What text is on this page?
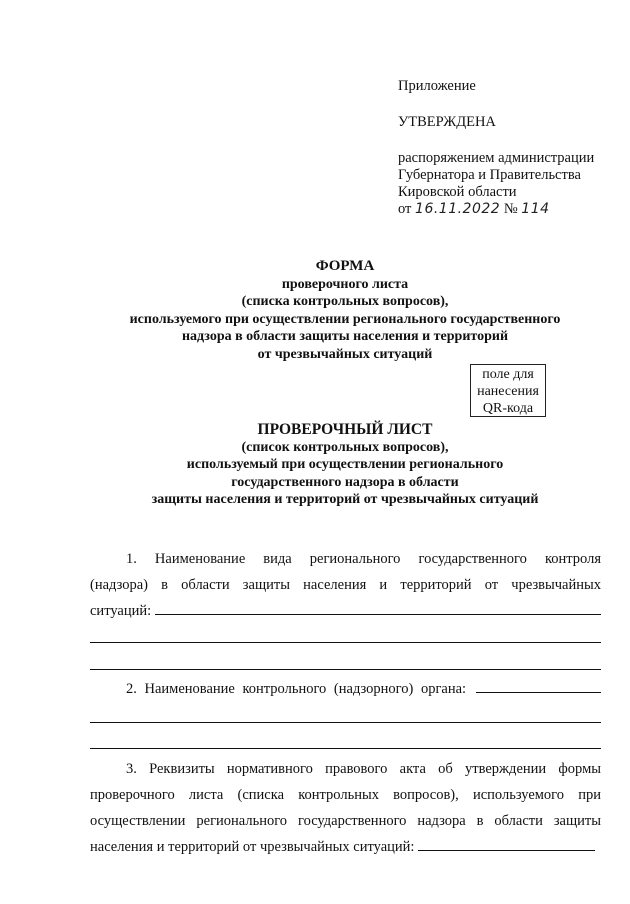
Приложение
УТВЕРЖДЕНА
распоряжением администрации
Губернатора и Правительства
Кировской области
от 16.11.2022 № 114
ФОРМА
проверочного листа
(списка контрольных вопросов),
используемого при осуществлении регионального государственного
надзора в области защиты населения и территорий
от чрезвычайных ситуаций
поле для
нанесения
QR-кода
ПРОВЕРОЧНЫЙ ЛИСТ
(список контрольных вопросов),
используемый при осуществлении регионального
государственного надзора в области
защиты населения и территорий от чрезвычайных ситуаций
1. Наименование вида регионального государственного контроля
(надзора) в области защиты населения и территорий от чрезвычайных
ситуаций:
2. Наименование контрольного (надзорного) органа:
3. Реквизиты нормативного правового акта об утверждении формы
проверочного листа (списка контрольных вопросов), используемого при
осуществлении регионального государственного надзора в области защиты
населения и территорий от чрезвычайных ситуаций:
